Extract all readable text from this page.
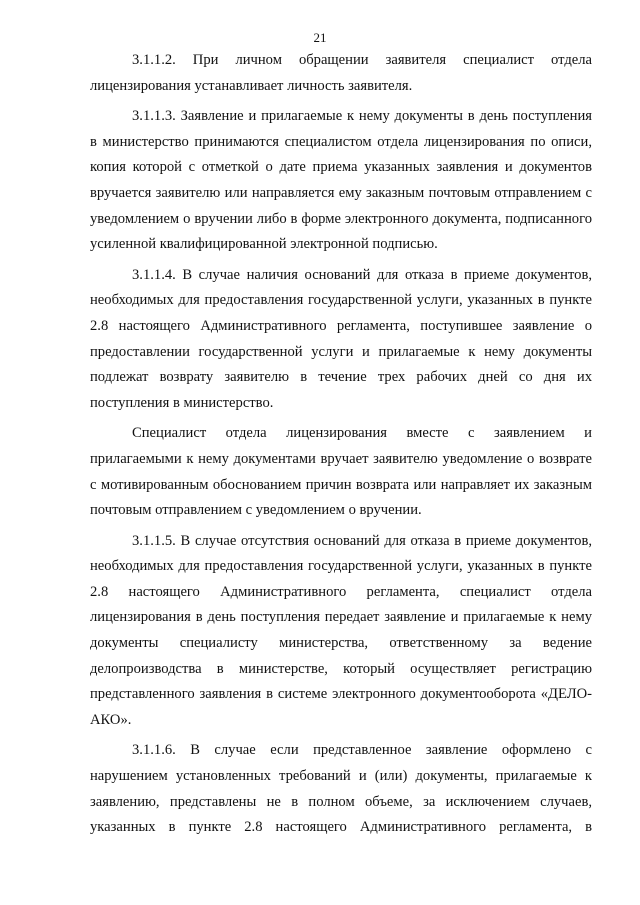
21

3.1.1.2. При личном обращении заявителя специалист отдела лицензирования устанавливает личность заявителя.

3.1.1.3. Заявление и прилагаемые к нему документы в день поступления в министерство принимаются специалистом отдела лицензирования по описи, копия которой с отметкой о дате приема указанных заявления и документов вручается заявителю или направляется ему заказным почтовым отправлением с уведомлением о вручении либо в форме электронного документа, подписанного усиленной квалифицированной электронной подписью.

3.1.1.4. В случае наличия оснований для отказа в приеме документов, необходимых для предоставления государственной услуги, указанных в пункте 2.8 настоящего Административного регламента, поступившее заявление о предоставлении государственной услуги и прилагаемые к нему документы подлежат возврату заявителю в течение трех рабочих дней со дня их поступления в министерство.

Специалист отдела лицензирования вместе с заявлением и прилагаемыми к нему документами вручает заявителю уведомление о возврате с мотивированным обоснованием причин возврата или направляет их заказным почтовым отправлением с уведомлением о вручении.

3.1.1.5. В случае отсутствия оснований для отказа в приеме документов, необходимых для предоставления государственной услуги, указанных в пункте 2.8 настоящего Административного регламента, специалист отдела лицензирования в день поступления передает заявление и прилагаемые к нему документы специалисту министерства, ответственному за ведение делопроизводства в министерстве, который осуществляет регистрацию представленного заявления в системе электронного документооборота «ДЕЛО-АКО».

3.1.1.6. В случае если представленное заявление оформлено с нарушением установленных требований и (или) документы, прилагаемые к заявлению, представлены не в полном объеме, за исключением случаев, указанных в пункте 2.8 настоящего Административного регламента, в
